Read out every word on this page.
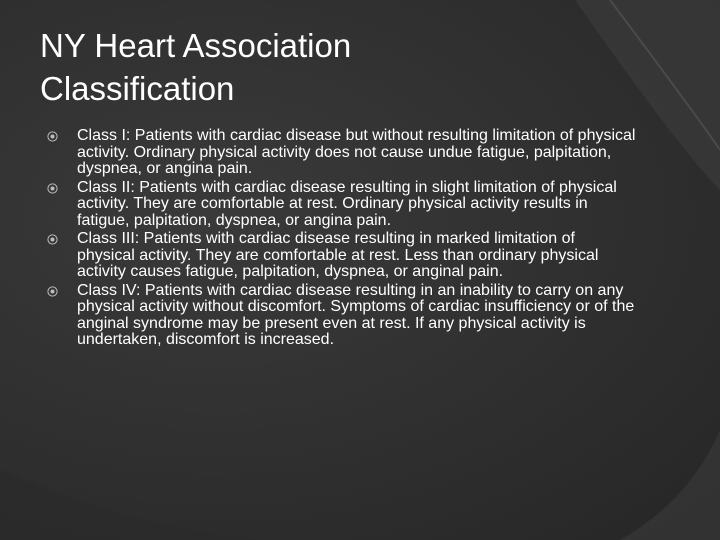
NY Heart Association
Classification
Class I: Patients with cardiac disease but without resulting limitation of physical activity. Ordinary physical activity does not cause undue fatigue, palpitation, dyspnea, or angina pain.
Class II: Patients with cardiac disease resulting in slight limitation of physical activity. They are comfortable at rest. Ordinary physical activity results in fatigue, palpitation, dyspnea, or angina pain.
Class III: Patients with cardiac disease resulting in marked limitation of physical activity. They are comfortable at rest. Less than ordinary physical activity causes fatigue, palpitation, dyspnea, or anginal pain.
Class IV: Patients with cardiac disease resulting in an inability to carry on any physical activity without discomfort. Symptoms of cardiac insufficiency or of the anginal syndrome may be present even at rest. If any physical activity is undertaken, discomfort is increased.
